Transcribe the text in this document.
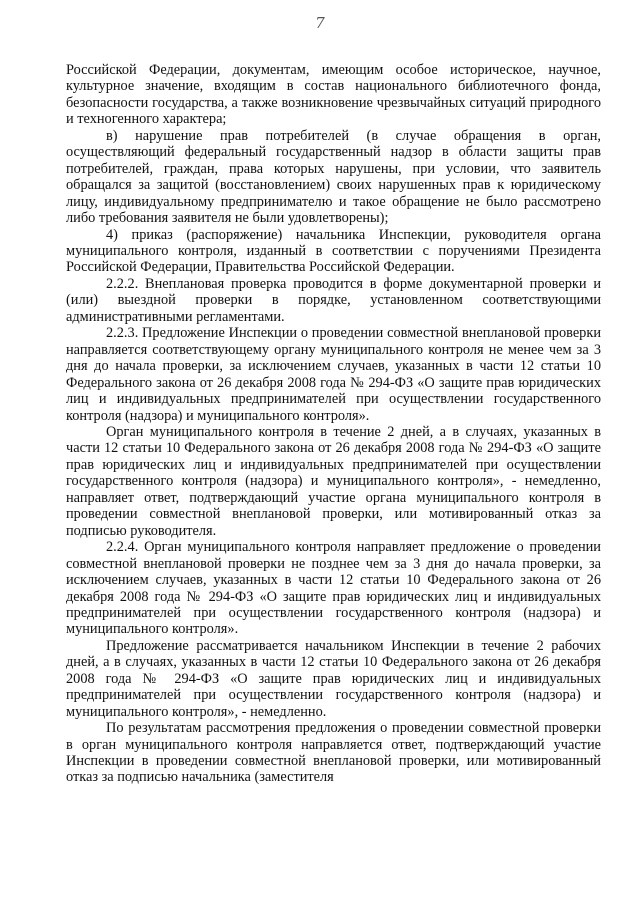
7

Российской Федерации, документам, имеющим особое историческое, научное, культурное значение, входящим в состав национального библиотечного фонда, безопасности государства, а также возникновение чрезвычайных ситуаций природного и техногенного характера;

в) нарушение прав потребителей (в случае обращения в орган, осуществляющий федеральный государственный надзор в области защиты прав потребителей, граждан, права которых нарушены, при условии, что заявитель обращался за защитой (восстановлением) своих нарушенных прав к юридическому лицу, индивидуальному предпринимателю и такое обращение не было рассмотрено либо требования заявителя не были удовлетворены);

4) приказ (распоряжение) начальника Инспекции, руководителя органа муниципального контроля, изданный в соответствии с поручениями Президента Российской Федерации, Правительства Российской Федерации.

2.2.2. Внеплановая проверка проводится в форме документарной проверки и (или) выездной проверки в порядке, установленном соответствующими административными регламентами.

2.2.3. Предложение Инспекции о проведении совместной внеплановой проверки направляется соответствующему органу муниципального контроля не менее чем за 3 дня до начала проверки, за исключением случаев, указанных в части 12 статьи 10 Федерального закона от 26 декабря 2008 года № 294-ФЗ «О защите прав юридических лиц и индивидуальных предпринимателей при осуществлении государственного контроля (надзора) и муниципального контроля».

Орган муниципального контроля в течение 2 дней, а в случаях, указанных в части 12 статьи 10 Федерального закона от 26 декабря 2008 года № 294-ФЗ «О защите прав юридических лиц и индивидуальных предпринимателей при осуществлении государственного контроля (надзора) и муниципального контроля», - немедленно, направляет ответ, подтверждающий участие органа муниципального контроля в проведении совместной внеплановой проверки, или мотивированный отказ за подписью руководителя.

2.2.4. Орган муниципального контроля направляет предложение о проведении совместной внеплановой проверки не позднее чем за 3 дня до начала проверки, за исключением случаев, указанных в части 12 статьи 10 Федерального закона от 26 декабря 2008 года № 294-ФЗ «О защите прав юридических лиц и индивидуальных предпринимателей при осуществлении государственного контроля (надзора) и муниципального контроля».

Предложение рассматривается начальником Инспекции в течение 2 рабочих дней, а в случаях, указанных в части 12 статьи 10 Федерального закона от 26 декабря 2008 года № 294-ФЗ «О защите прав юридических лиц и индивидуальных предпринимателей при осуществлении государственного контроля (надзора) и муниципального контроля», - немедленно.

По результатам рассмотрения предложения о проведении совместной проверки в орган муниципального контроля направляется ответ, подтверждающий участие Инспекции в проведении совместной внеплановой проверки, или мотивированный отказ за подписью начальника (заместителя
